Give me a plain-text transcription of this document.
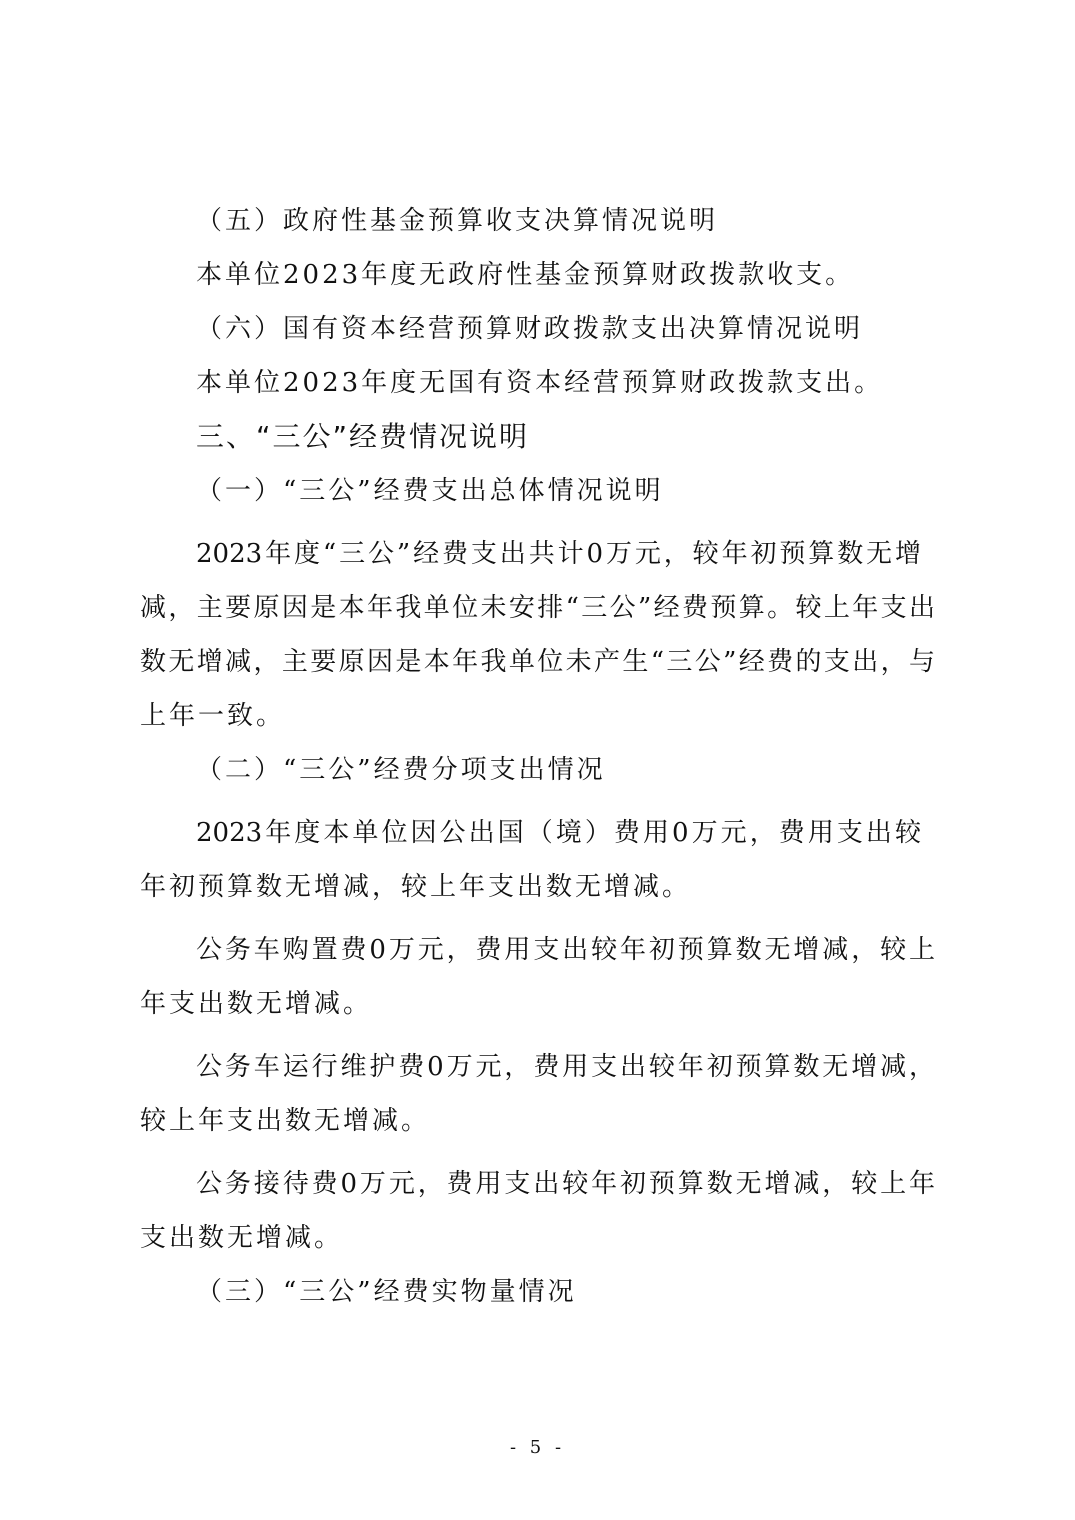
（五）政府性基金预算收支决算情况说明
本单位2023年度无政府性基金预算财政拨款收支。
（六）国有资本经营预算财政拨款支出决算情况说明
本单位2023年度无国有资本经营预算财政拨款支出。
三、“三公”经费情况说明
（一）“三公”经费支出总体情况说明
2023年度“三公”经费支出共计0万元，较年初预算数无增
减，主要原因是本年我单位未安排“三公”经费预算。较上年支出
数无增减，主要原因是本年我单位未产生“三公”经费的支出，与
上年一致。
（二）“三公”经费分项支出情况
2023年度本单位因公出国（境）费用0万元，费用支出较
年初预算数无增减，较上年支出数无增减。
公务车购置费0万元，费用支出较年初预算数无增减，较上
年支出数无增减。
公务车运行维护费0万元，费用支出较年初预算数无增减，
较上年支出数无增减。
公务接待费0万元，费用支出较年初预算数无增减，较上年
支出数无增减。
（三）“三公”经费实物量情况
- 5 -
